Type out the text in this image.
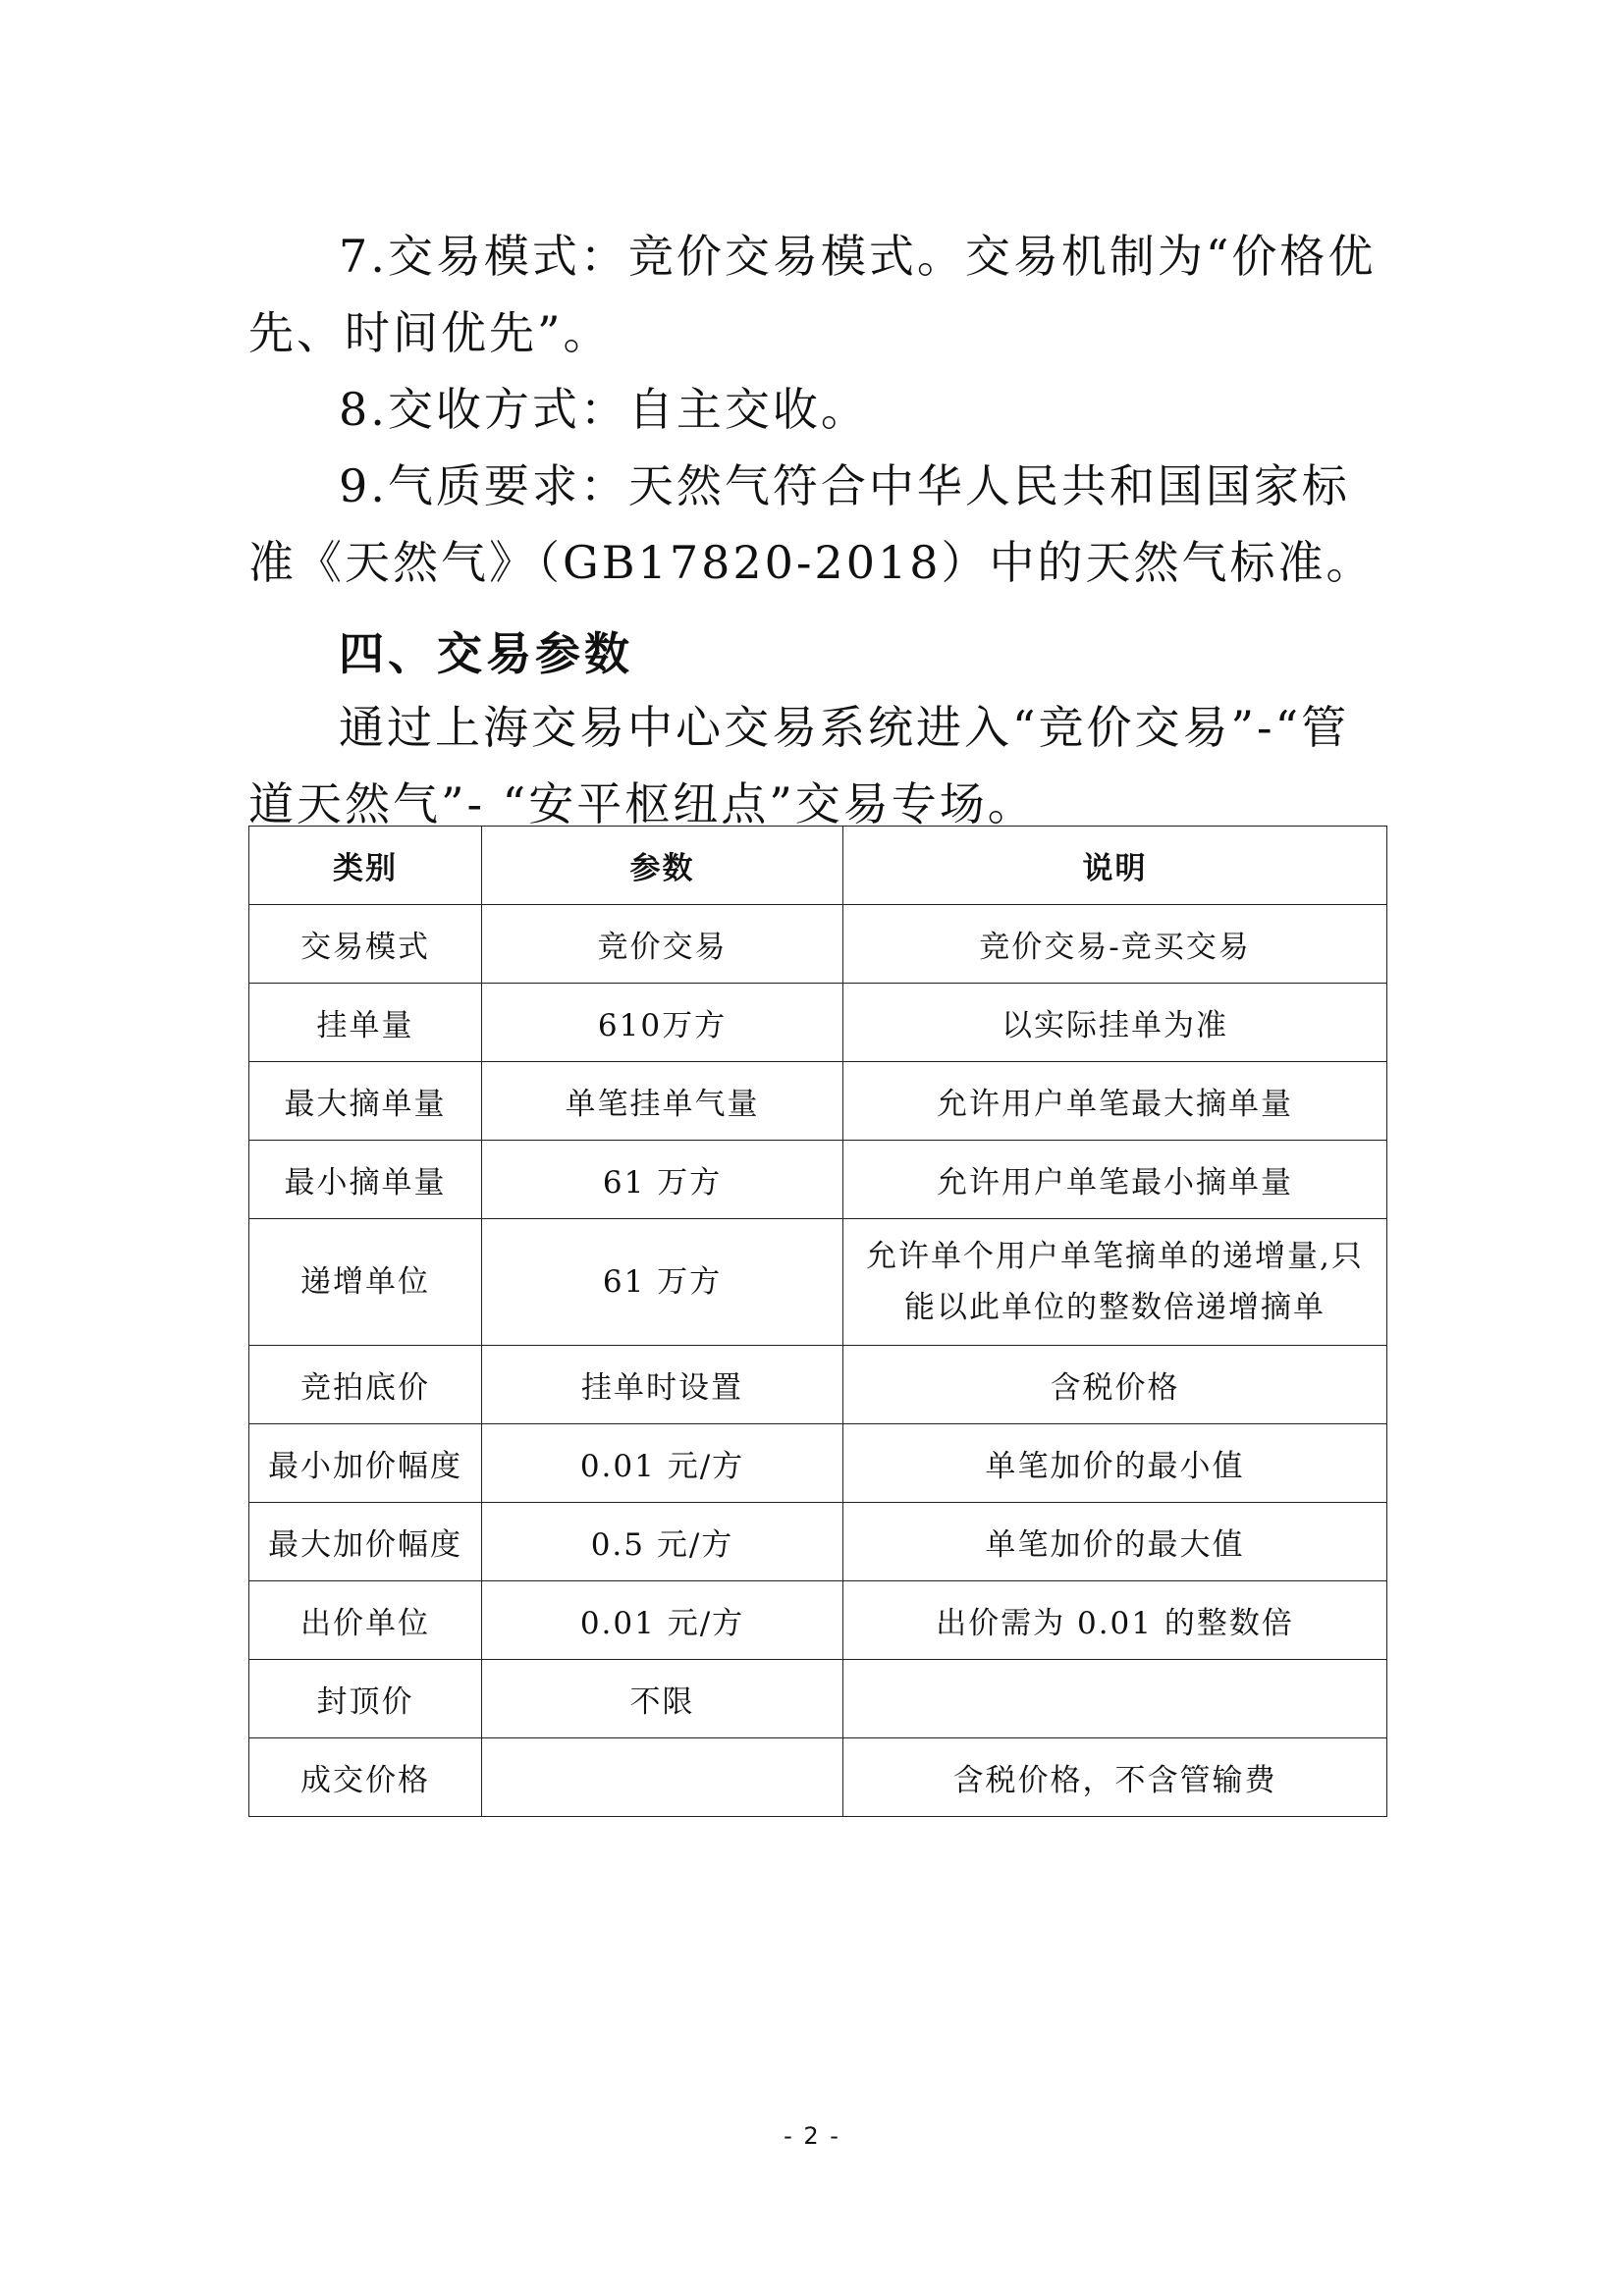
7.交易模式：竞价交易模式。交易机制为“价格优先、时间优先”。

8.交收方式：自主交收。

9.气质要求：天然气符合中华人民共和国国家标准《天然气》（GB17820-2018）中的天然气标准。

四、交易参数

通过上海交易中心交易系统进入“竞价交易”-“管道天然气”- “安平枢纽点”交易专场。

类别	参数	说明
交易模式	竞价交易	竞价交易-竞买交易
挂单量	610万方	以实际挂单为准
最大摘单量	单笔挂单气量	允许用户单笔最大摘单量
最小摘单量	61 万方	允许用户单笔最小摘单量
递增单位	61 万方	允许单个用户单笔摘单的递增量,只能以此单位的整数倍递增摘单
竞拍底价	挂单时设置	含税价格
最小加价幅度	0.01 元/方	单笔加价的最小值
最大加价幅度	0.5 元/方	单笔加价的最大值
出价单位	0.01 元/方	出价需为 0.01 的整数倍
封顶价	不限	
成交价格		含税价格，不含管输费
- 2 -
